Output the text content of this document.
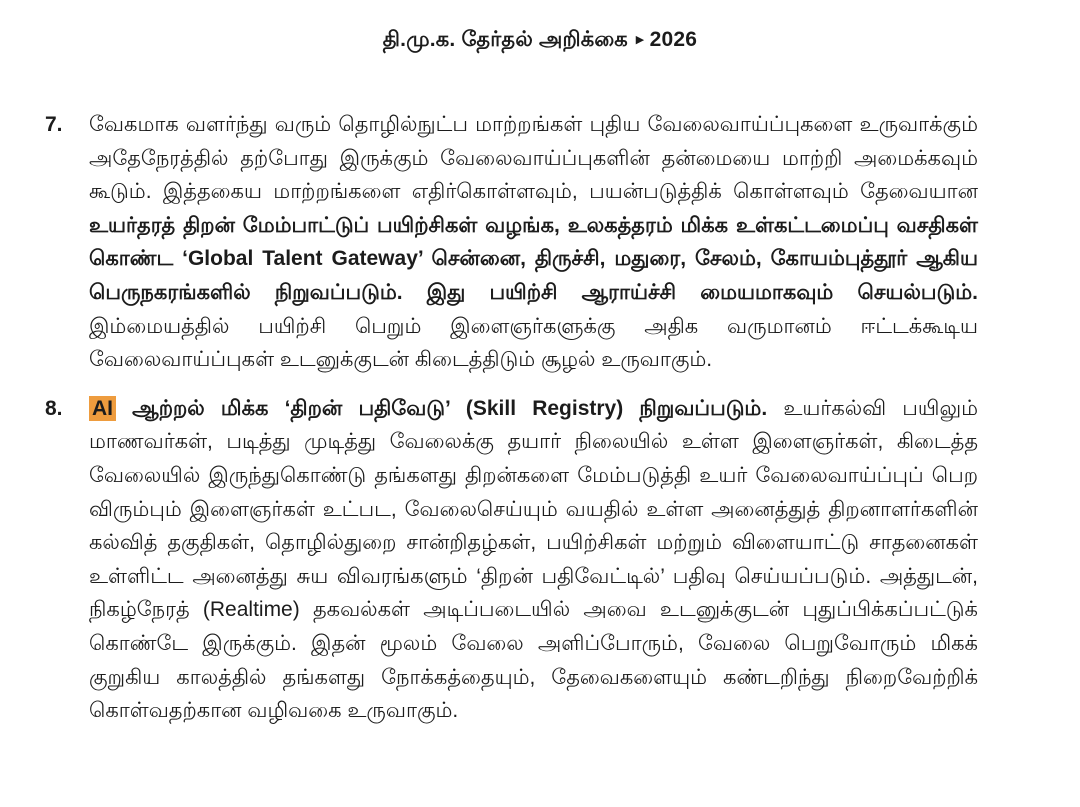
தி.மு.க. தேர்தல் அறிக்கை ▸ 2026
7.	வேகமாக வளர்ந்து வரும் தொழில்நுட்ப மாற்றங்கள் புதிய வேலைவாய்ப்புகளை உருவாக்கும் அதேநேரத்தில் தற்போது இருக்கும் வேலைவாய்ப்புகளின் தன்மையை மாற்றி அமைக்கவும் கூடும். இத்தகைய மாற்றங்களை எதிர்கொள்ளவும், பயன்படுத்திக் கொள்ளவும் தேவையான உயர்தரத் திறன் மேம்பாட்டுப் பயிற்சிகள் வழங்க, உலகத்தரம் மிக்க உள்கட்டமைப்பு வசதிகள் கொண்ட ‘Global Talent Gateway’ சென்னை, திருச்சி, மதுரை, சேலம், கோயம்புத்தூர் ஆகிய பெருநகரங்களில் நிறுவப்படும். இது பயிற்சி ஆராய்ச்சி மையமாகவும் செயல்படும். இம்மையத்தில் பயிற்சி பெறும் இளைஞர்களுக்கு அதிக வருமானம் ஈட்டக்கூடிய வேலைவாய்ப்புகள் உடனுக்குடன் கிடைத்திடும் சூழல் உருவாகும்.
8.	AI ஆற்றல் மிக்க ‘திறன் பதிவேடு’ (Skill Registry) நிறுவப்படும். உயர்கல்வி பயிலும் மாணவர்கள், படித்து முடித்து வேலைக்கு தயார் நிலையில் உள்ள இளைஞர்கள், கிடைத்த வேலையில் இருந்துகொண்டு தங்களது திறன்களை மேம்படுத்தி உயர் வேலைவாய்ப்புப் பெற விரும்பும் இளைஞர்கள் உட்பட, வேலைசெய்யும் வயதில் உள்ள அனைத்துத் திறனாளர்களின் கல்வித் தகுதிகள், தொழில்துறை சான்றிதழ்கள், பயிற்சிகள் மற்றும் விளையாட்டு சாதனைகள் உள்ளிட்ட அனைத்து சுய விவரங்களும் ‘திறன் பதிவேட்டில்’ பதிவு செய்யப்படும். அத்துடன், நிகழ்நேரத் (Realtime) தகவல்கள் அடிப்படையில் அவை உடனுக்குடன் புதுப்பிக்கப்பட்டுக் கொண்டே இருக்கும். இதன் மூலம் வேலை அளிப்போரும், வேலை பெறுவோரும் மிகக் குறுகிய காலத்தில் தங்களது நோக்கத்தையும், தேவைகளையும் கண்டறிந்து நிறைவேற்றிக் கொள்வதற்கான வழிவகை உருவாகும்.
